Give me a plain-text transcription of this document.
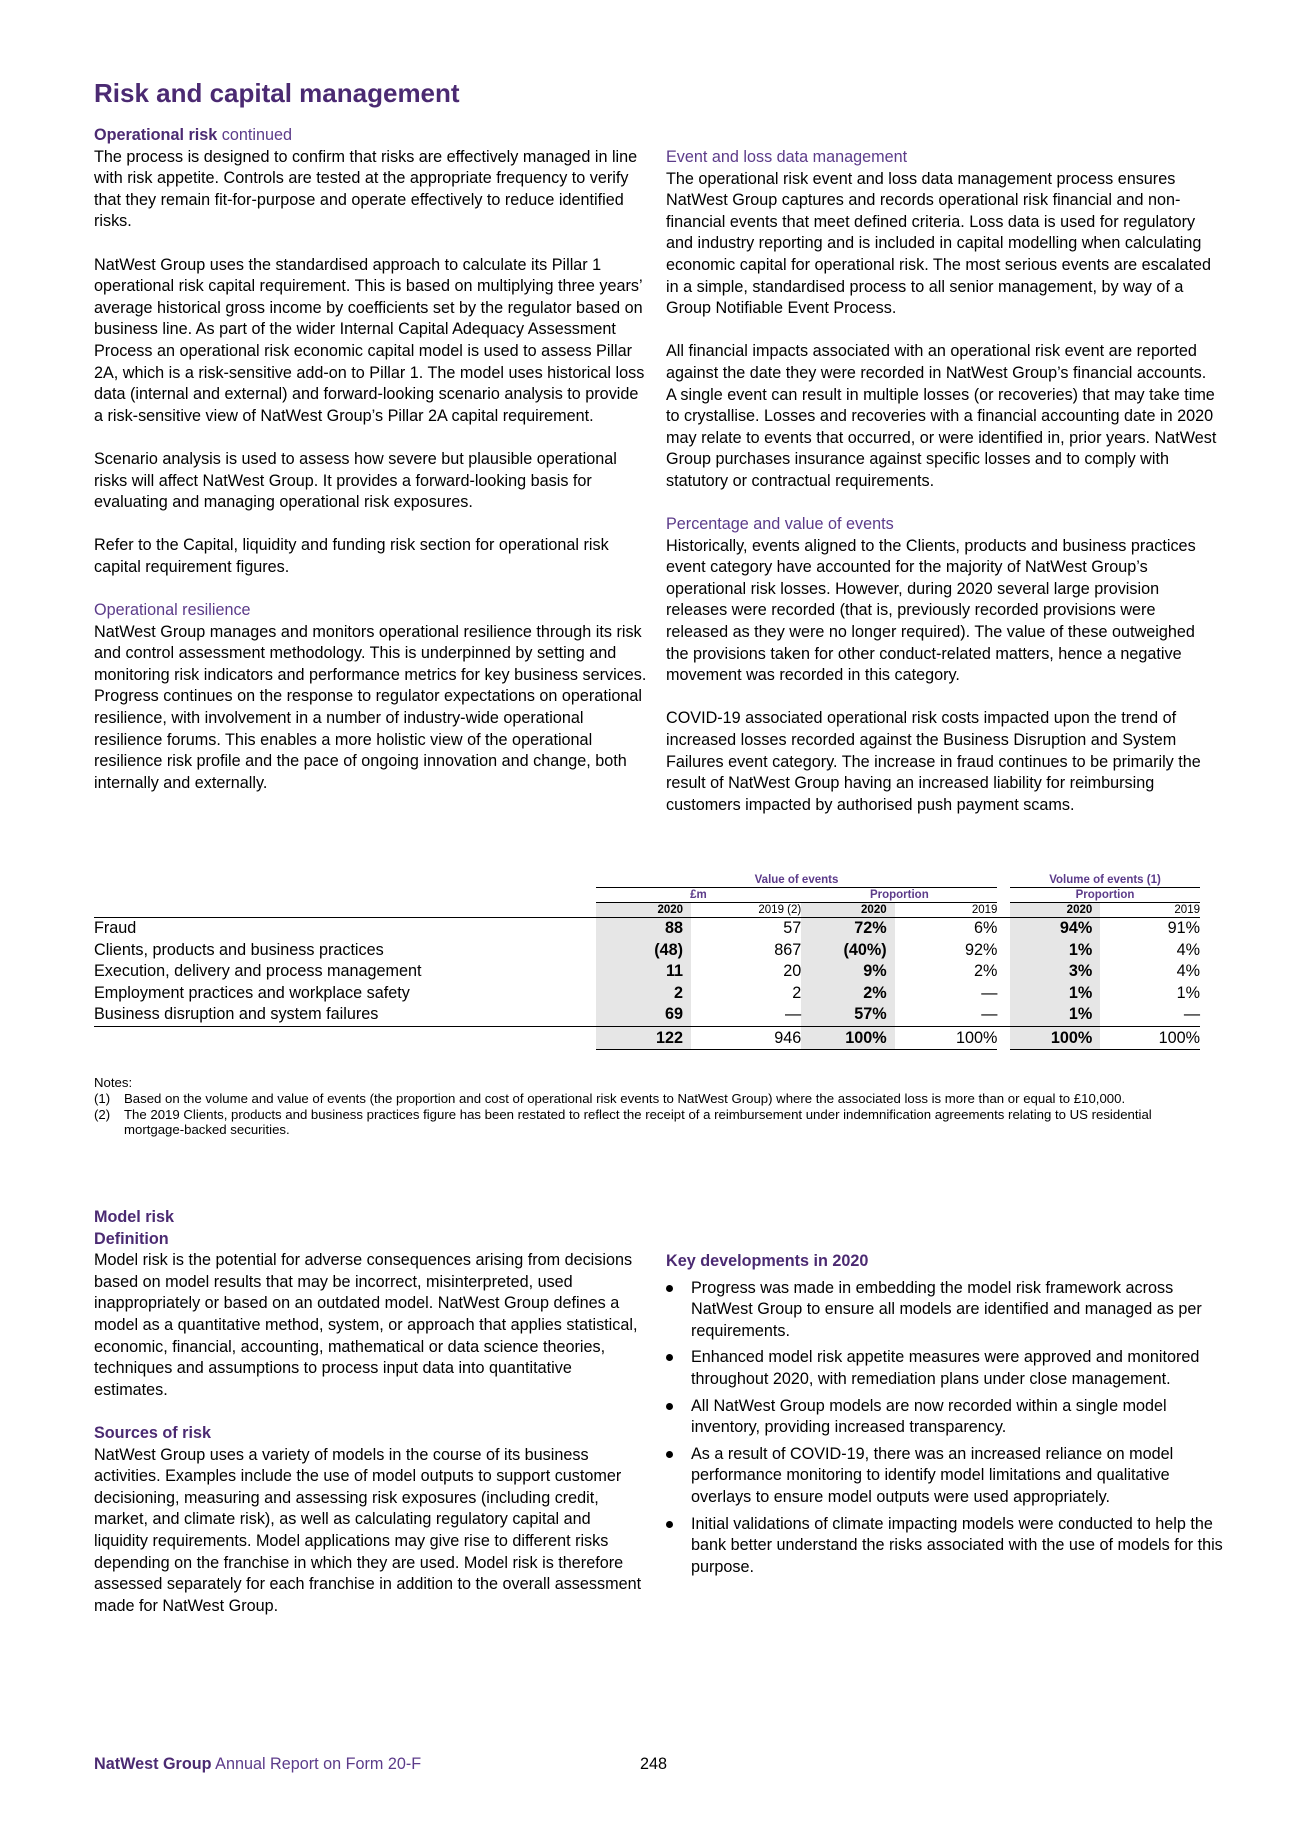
Risk and capital management
Operational risk continued

The process is designed to confirm that risks are effectively managed in line with risk appetite. Controls are tested at the appropriate frequency to verify that they remain fit-for-purpose and operate effectively to reduce identified risks.

NatWest Group uses the standardised approach to calculate its Pillar 1 operational risk capital requirement. This is based on multiplying three years’ average historical gross income by coefficients set by the regulator based on business line. As part of the wider Internal Capital Adequacy Assessment Process an operational risk economic capital model is used to assess Pillar 2A, which is a risk-sensitive add-on to Pillar 1. The model uses historical loss data (internal and external) and forward-looking scenario analysis to provide a risk-sensitive view of NatWest Group’s Pillar 2A capital requirement.

Scenario analysis is used to assess how severe but plausible operational risks will affect NatWest Group. It provides a forward-looking basis for evaluating and managing operational risk exposures.

Refer to the Capital, liquidity and funding risk section for operational risk capital requirement figures.

Operational resilience

NatWest Group manages and monitors operational resilience through its risk and control assessment methodology. This is underpinned by setting and monitoring risk indicators and performance metrics for key business services. Progress continues on the response to regulator expectations on operational resilience, with involvement in a number of industry-wide operational resilience forums. This enables a more holistic view of the operational resilience risk profile and the pace of ongoing innovation and change, both internally and externally.

Event and loss data management

The operational risk event and loss data management process ensures NatWest Group captures and records operational risk financial and non-financial events that meet defined criteria. Loss data is used for regulatory and industry reporting and is included in capital modelling when calculating economic capital for operational risk. The most serious events are escalated in a simple, standardised process to all senior management, by way of a Group Notifiable Event Process.

All financial impacts associated with an operational risk event are reported against the date they were recorded in NatWest Group’s financial accounts. A single event can result in multiple losses (or recoveries) that may take time to crystallise. Losses and recoveries with a financial accounting date in 2020 may relate to events that occurred, or were identified in, prior years. NatWest Group purchases insurance against specific losses and to comply with statutory or contractual requirements.

Percentage and value of events

Historically, events aligned to the Clients, products and business practices event category have accounted for the majority of NatWest Group’s operational risk losses. However, during 2020 several large provision releases were recorded (that is, previously recorded provisions were released as they were no longer required). The value of these outweighed the provisions taken for other conduct-related matters, hence a negative movement was recorded in this category.

COVID-19 associated operational risk costs impacted upon the trend of increased losses recorded against the Business Disruption and System Failures event category. The increase in fraud continues to be primarily the result of NatWest Group having an increased liability for reimbursing customers impacted by authorised push payment scams.

	Value of events					Volume of events (1)	
	£m		Proportion			Proportion	
	2020	2019 (2)	2020	2019		2020	2019
Fraud	88	57	72%	6%		94%	91%
Clients, products and business practices	(48)	867	(40%)	92%		1%	4%
Execution, delivery and process management	11	20	9%	2%		3%	4%
Employment practices and workplace safety	2	2	2%	—		1%	1%
Business disruption and system failures	69	—	57%	—		1%	—
	122	946	100%	100%		100%	100%
Notes:
(1)	Based on the volume and value of events (the proportion and cost of operational risk events to NatWest Group) where the associated loss is more than or equal to £10,000.
(2)	The 2019 Clients, products and business practices figure has been restated to reflect the receipt of a reimbursement under indemnification agreements relating to US residential mortgage-backed securities.
Model risk
Definition

Model risk is the potential for adverse consequences arising from decisions based on model results that may be incorrect, misinterpreted, used inappropriately or based on an outdated model. NatWest Group defines a model as a quantitative method, system, or approach that applies statistical, economic, financial, accounting, mathematical or data science theories, techniques and assumptions to process input data into quantitative estimates.

Sources of risk

NatWest Group uses a variety of models in the course of its business activities. Examples include the use of model outputs to support customer decisioning, measuring and assessing risk exposures (including credit, market, and climate risk), as well as calculating regulatory capital and liquidity requirements. Model applications may give rise to different risks depending on the franchise in which they are used. Model risk is therefore assessed separately for each franchise in addition to the overall assessment made for NatWest Group.

Key developments in 2020
Progress was made in embedding the model risk framework across NatWest Group to ensure all models are identified and managed as per requirements.
Enhanced model risk appetite measures were approved and monitored throughout 2020, with remediation plans under close management.
All NatWest Group models are now recorded within a single model inventory, providing increased transparency.
As a result of COVID-19, there was an increased reliance on model performance monitoring to identify model limitations and qualitative overlays to ensure model outputs were used appropriately.
Initial validations of climate impacting models were conducted to help the bank better understand the risks associated with the use of models for this purpose.
NatWest Group Annual Report on Form 20-F	248
